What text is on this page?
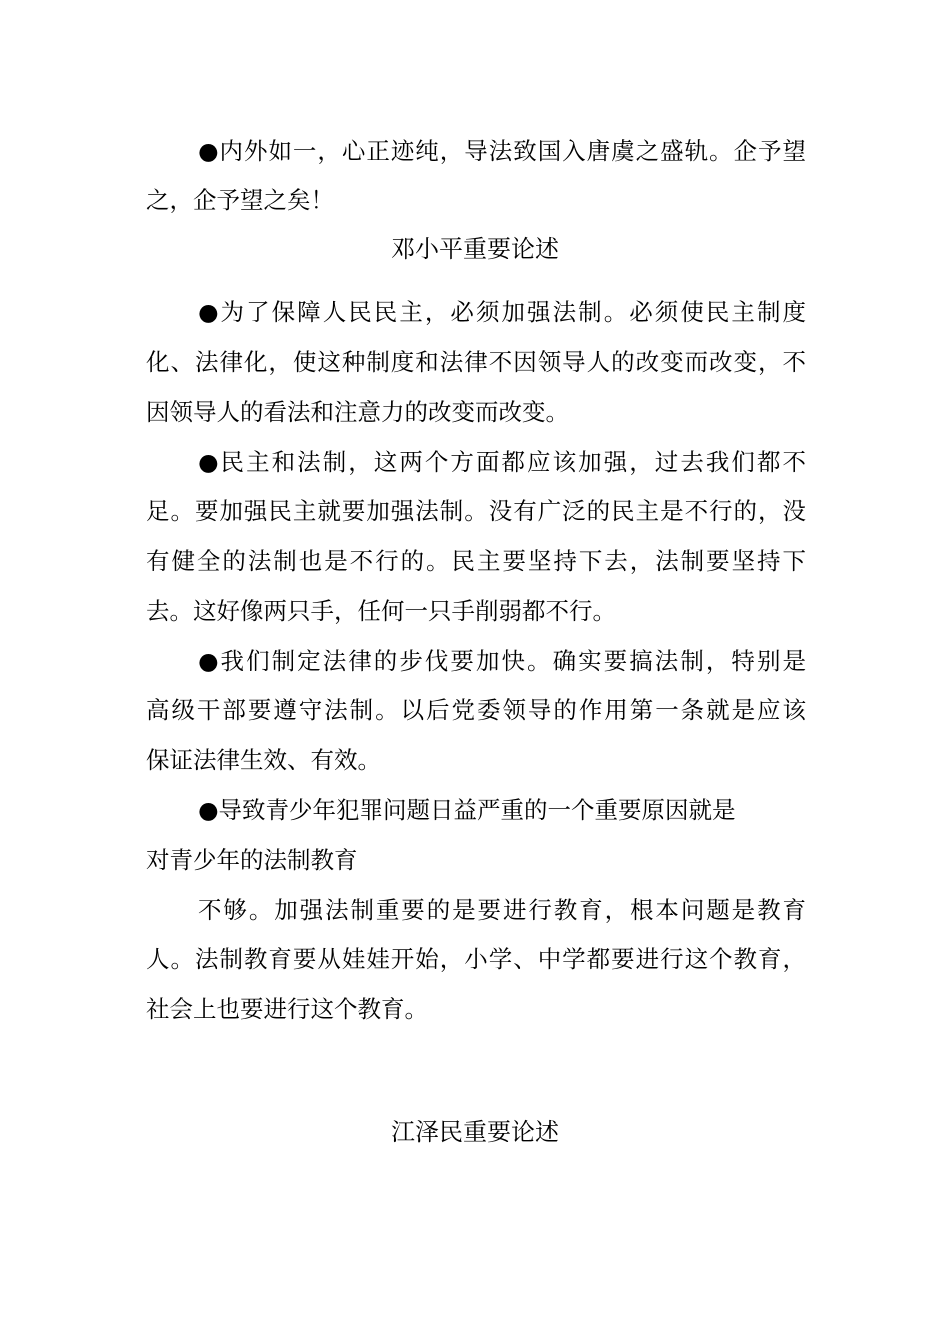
●内外如一，心正迹纯，导法致国入唐虞之盛轨。企予望
之，企予望之矣！
邓小平重要论述
●为了保障人民民主，必须加强法制。必须使民主制度
化、法律化，使这种制度和法律不因领导人的改变而改变，不
因领导人的看法和注意力的改变而改变。
●民主和法制，这两个方面都应该加强，过去我们都不
足。要加强民主就要加强法制。没有广泛的民主是不行的，没
有健全的法制也是不行的。民主要坚持下去，法制要坚持下
去。这好像两只手，任何一只手削弱都不行。
●我们制定法律的步伐要加快。确实要搞法制，特别是
高级干部要遵守法制。以后党委领导的作用第一条就是应该
保证法律生效、有效。
●导致青少年犯罪问题日益严重的一个重要原因就是
对青少年的法制教育
不够。加强法制重要的是要进行教育，根本问题是教育
人。法制教育要从娃娃开始，小学、中学都要进行这个教育，
社会上也要进行这个教育。
江泽民重要论述
